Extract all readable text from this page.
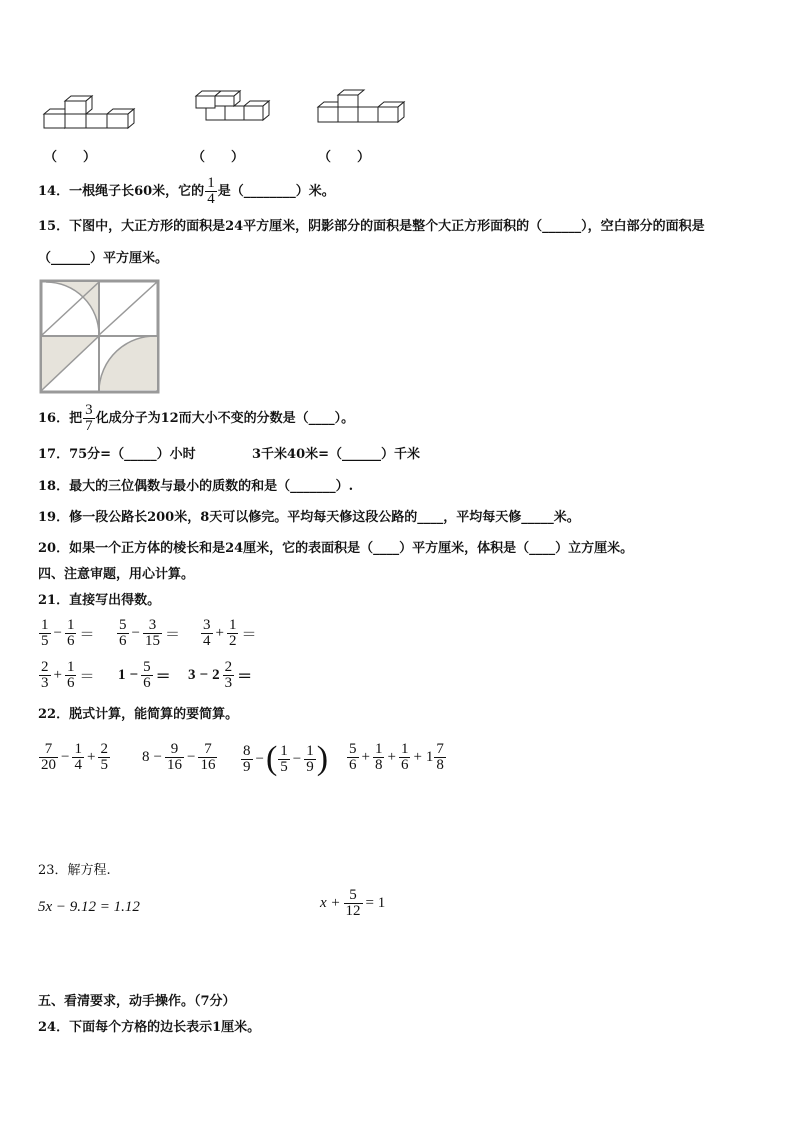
（　　）	（　　）	（　　）
14．一根绳子长60米，它的 $\frac{1}{4}$ 是（________）米。
15．下图中，大正方形的面积是24平方厘米，阴影部分的面积是整个大正方形面积的（______），空白部分的面积是
（______）平方厘米。
16．把 $\frac{3}{7}$ 化成分子为12而大小不变的分数是（____）。
17．75分=（_____）小时	3千米40米=（______）千米
18．最大的三位偶数与最小的质数的和是（_______）.
19．修一段公路长200米，8天可以修完。平均每天修这段公路的____，平均每天修_____米。
20．如果一个正方体的棱长和是24厘米，它的表面积是（____）平方厘米，体积是（____）立方厘米。
四、注意审题，用心计算。
21．直接写出得数。
$\frac{1}{5} - \frac{1}{6} = \frac{5}{6} - \frac{3}{15} = \frac{3}{4} + \frac{1}{2}$ ＝
$\frac{2}{3} + \frac{1}{6} = 1 - \frac{5}{6} = 3 - 2 \frac{2}{3}$ ＝
22．脱式计算，能简算的要简算。
$\frac{7}{20} - \frac{1}{4} + \frac{2}{5} 8 - \frac{9}{16} - \frac{7}{16} \frac{8}{9}$ −( $\frac{1}{5} - \frac{1}{9}$ ) $\frac{5}{6} + \frac{1}{8} + \frac{1}{6} + 1 \frac{7}{8}$
23．解方程.
5x − 9.12 = 1.12	$x + \frac{5}{12} = 1$
五、看清要求，动手操作。（7分）
24．下面每个方格的边长表示1厘米。
